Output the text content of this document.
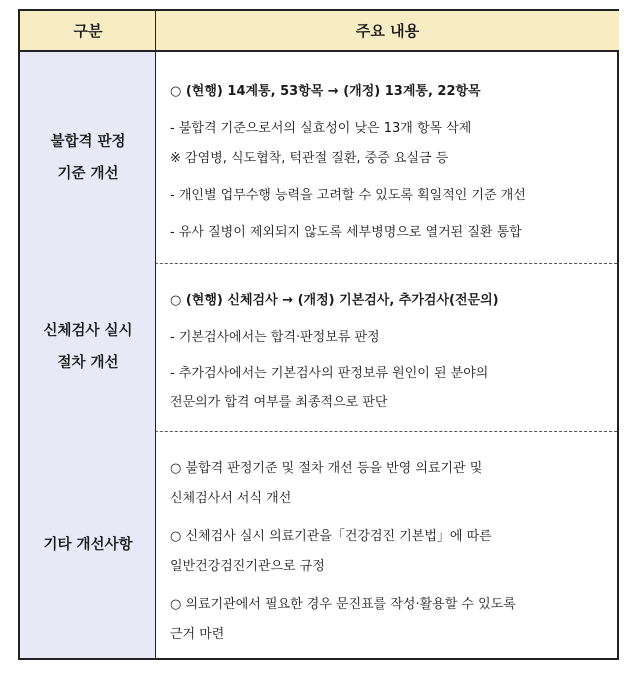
구분	주요 내용
불합격 판정
기준 개선
○ (현행) 14계통, 53항목 → (개정) 13계통, 22항목
- 불합격 기준으로서의 실효성이 낮은 13개 항목 삭제
※ 감염병, 식도협착, 턱관절 질환, 중증 요실금 등
- 개인별 업무수행 능력을 고려할 수 있도록 획일적인 기준 개선
- 유사 질병이 제외되지 않도록 세부병명으로 열거된 질환 통합
신체검사 실시
절차 개선
○ (현행) 신체검사 → (개정) 기본검사, 추가검사(전문의)
- 기본검사에서는 합격·판정보류 판정
- 추가검사에서는 기본검사의 판정보류 원인이 된 분야의
전문의가 합격 여부를 최종적으로 판단
기타 개선사항
○ 불합격 판정기준 및 절차 개선 등을 반영 의료기관 및
신체검사서 서식 개선
○ 신체검사 실시 의료기관을「건강검진 기본법」에 따른
일반건강검진기관으로 규정
○ 의료기관에서 필요한 경우 문진표를 작성·활용할 수 있도록
근거 마련
